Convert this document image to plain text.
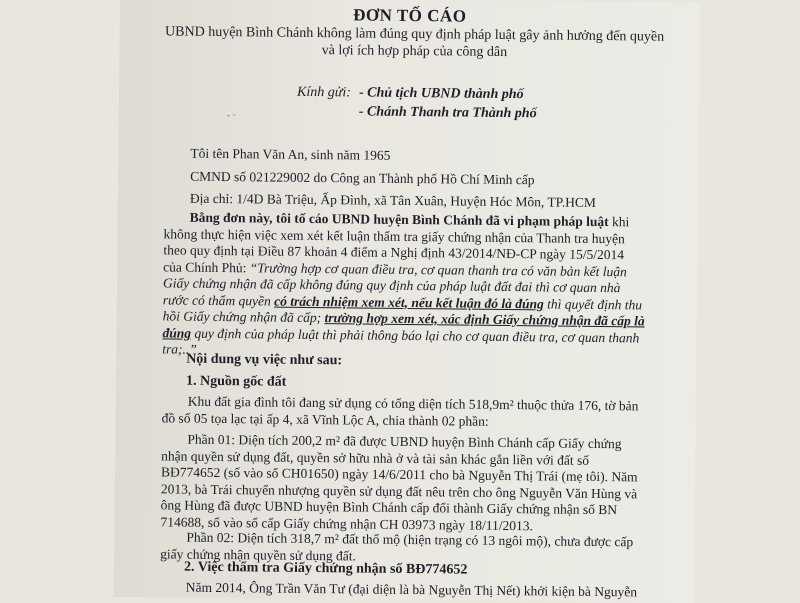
ĐƠN TỐ CÁO
UBND huyện Bình Chánh không làm đúng quy định pháp luật gây ảnh hưởng đến quyền
và lợi ích hợp pháp của công dân
Kính gửi: - Chủ tịch UBND thành phố
- Chánh Thanh tra Thành phố
- ᵕ
Tôi tên Phan Văn An, sinh năm 1965
CMND số 021229002 do Công an Thành phố Hồ Chí Minh cấp
Địa chỉ: 1/4D Bà Triệu, Ấp Đình, xã Tân Xuân, Huyện Hóc Môn, TP.HCM
Bằng đơn này, tôi tố cáo UBND huyện Bình Chánh đã vi phạm pháp luật khi
không thực hiện việc xem xét kết luận thẩm tra giấy chứng nhận của Thanh tra huyện
theo quy định tại Điều 87 khoản 4 điểm a Nghị định 43/2014/NĐ-CP ngày 15/5/2014
của Chính Phủ: “Trường hợp cơ quan điều tra, cơ quan thanh tra có văn bản kết luận
Giấy chứng nhận đã cấp không đúng quy định của pháp luật đất đai thì cơ quan nhà
rước có thẩm quyền có trách nhiệm xem xét, nếu kết luận đó là đúng thì quyết định thu
hồi Giấy chứng nhận đã cấp; trường hợp xem xét, xác định Giấy chứng nhận đã cấp là
đúng quy định của pháp luật thì phải thông báo lại cho cơ quan điều tra, cơ quan thanh
tra;..”
Nội dung vụ việc như sau:
1. Nguồn gốc đất
Khu đất gia đình tôi đang sử dụng có tổng diện tích 518,9m² thuộc thửa 176, tờ bản
đồ số 05 tọa lạc tại ấp 4, xã Vĩnh Lộc A, chia thành 02 phần:
Phần 01: Diện tích 200,2 m² đã được UBND huyện Bình Chánh cấp Giấy chứng
nhận quyền sử dụng đất, quyền sở hữu nhà ở và tài sản khác gắn liền với đất số
BĐ774652 (số vào sổ CH01650) ngày 14/6/2011 cho bà Nguyễn Thị Trái (mẹ tôi). Năm
2013, bà Trái chuyển nhượng quyền sử dụng đất nêu trên cho ông Nguyễn Văn Hùng và
ông Hùng đã được UBND huyện Bình Chánh cấp đổi thành Giấy chứng nhận số BN
714688, số vào sổ cấp Giấy chứng nhận CH 03973 ngày 18/11/2013.
Phần 02: Diện tích 318,7 m² đất thổ mộ (hiện trạng có 13 ngôi mộ), chưa được cấp
giấy chứng nhận quyền sử dụng đất.
2. Việc thẩm tra Giấy chứng nhận số BĐ774652
Năm 2014, Ông Trần Văn Tư (đại diện là bà Nguyễn Thị Nết) khởi kiện bà Nguyễn
